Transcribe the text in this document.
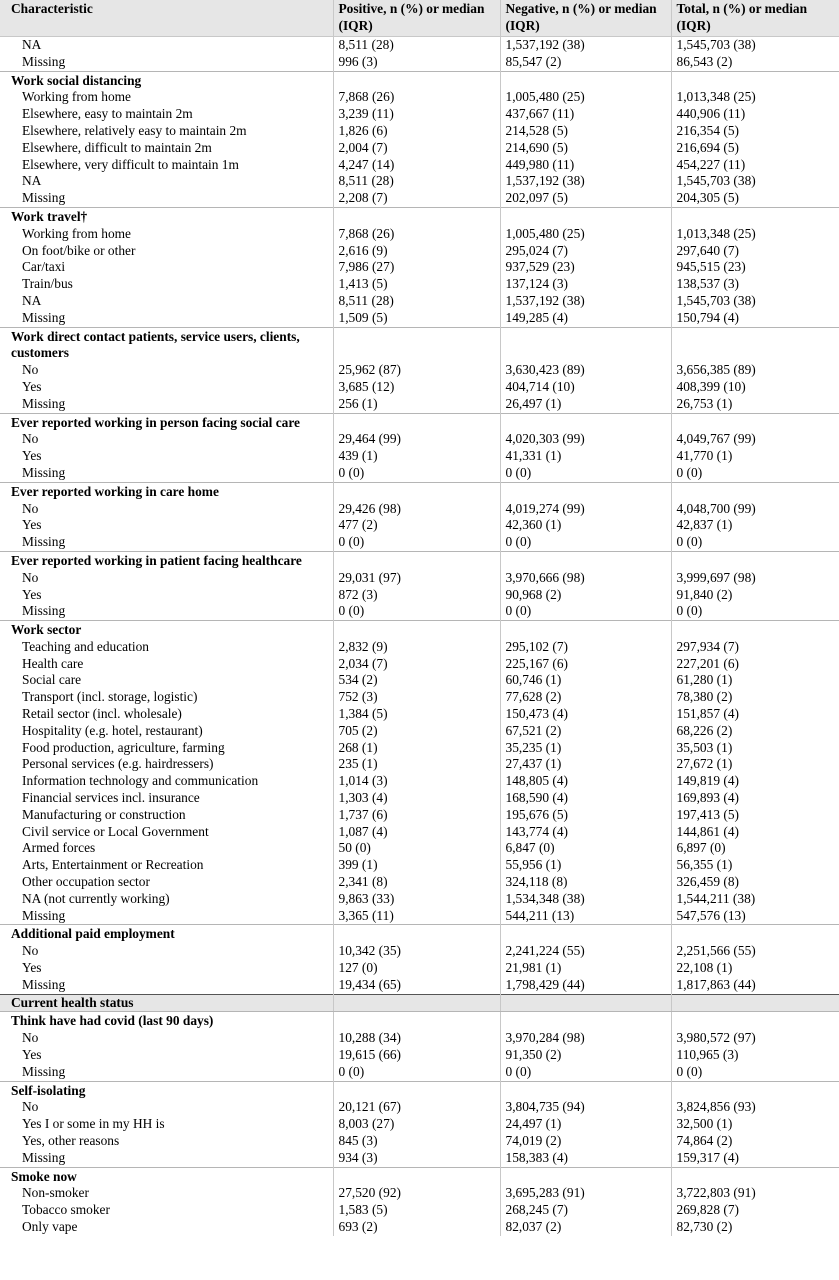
Characteristic	Positive, n (%) or median (IQR)	Negative, n (%) or median (IQR)	Total, n (%) or median (IQR)
NA	8,511 (28)	1,537,192 (38)	1,545,703 (38)
Missing	996 (3)	85,547 (2)	86,543 (2)
Work social distancing			
Working from home	7,868 (26)	1,005,480 (25)	1,013,348 (25)
Elsewhere, easy to maintain 2m	3,239 (11)	437,667 (11)	440,906 (11)
Elsewhere, relatively easy to maintain 2m	1,826 (6)	214,528 (5)	216,354 (5)
Elsewhere, difficult to maintain 2m	2,004 (7)	214,690 (5)	216,694 (5)
Elsewhere, very difficult to maintain 1m	4,247 (14)	449,980 (11)	454,227 (11)
NA	8,511 (28)	1,537,192 (38)	1,545,703 (38)
Missing	2,208 (7)	202,097 (5)	204,305 (5)
Work travel†			
Working from home	7,868 (26)	1,005,480 (25)	1,013,348 (25)
On foot/bike or other	2,616 (9)	295,024 (7)	297,640 (7)
Car/taxi	7,986 (27)	937,529 (23)	945,515 (23)
Train/bus	1,413 (5)	137,124 (3)	138,537 (3)
NA	8,511 (28)	1,537,192 (38)	1,545,703 (38)
Missing	1,509 (5)	149,285 (4)	150,794 (4)
Work direct contact patients, service users, clients, customers			
No	25,962 (87)	3,630,423 (89)	3,656,385 (89)
Yes	3,685 (12)	404,714 (10)	408,399 (10)
Missing	256 (1)	26,497 (1)	26,753 (1)
Ever reported working in person facing social care			
No	29,464 (99)	4,020,303 (99)	4,049,767 (99)
Yes	439 (1)	41,331 (1)	41,770 (1)
Missing	0 (0)	0 (0)	0 (0)
Ever reported working in care home			
No	29,426 (98)	4,019,274 (99)	4,048,700 (99)
Yes	477 (2)	42,360 (1)	42,837 (1)
Missing	0 (0)	0 (0)	0 (0)
Ever reported working in patient facing healthcare			
No	29,031 (97)	3,970,666 (98)	3,999,697 (98)
Yes	872 (3)	90,968 (2)	91,840 (2)
Missing	0 (0)	0 (0)	0 (0)
Work sector			
Teaching and education	2,832 (9)	295,102 (7)	297,934 (7)
Health care	2,034 (7)	225,167 (6)	227,201 (6)
Social care	534 (2)	60,746 (1)	61,280 (1)
Transport (incl. storage, logistic)	752 (3)	77,628 (2)	78,380 (2)
Retail sector (incl. wholesale)	1,384 (5)	150,473 (4)	151,857 (4)
Hospitality (e.g. hotel, restaurant)	705 (2)	67,521 (2)	68,226 (2)
Food production, agriculture, farming	268 (1)	35,235 (1)	35,503 (1)
Personal services (e.g. hairdressers)	235 (1)	27,437 (1)	27,672 (1)
Information technology and communication	1,014 (3)	148,805 (4)	149,819 (4)
Financial services incl. insurance	1,303 (4)	168,590 (4)	169,893 (4)
Manufacturing or construction	1,737 (6)	195,676 (5)	197,413 (5)
Civil service or Local Government	1,087 (4)	143,774 (4)	144,861 (4)
Armed forces	50 (0)	6,847 (0)	6,897 (0)
Arts, Entertainment or Recreation	399 (1)	55,956 (1)	56,355 (1)
Other occupation sector	2,341 (8)	324,118 (8)	326,459 (8)
NA (not currently working)	9,863 (33)	1,534,348 (38)	1,544,211 (38)
Missing	3,365 (11)	544,211 (13)	547,576 (13)
Additional paid employment			
No	10,342 (35)	2,241,224 (55)	2,251,566 (55)
Yes	127 (0)	21,981 (1)	22,108 (1)
Missing	19,434 (65)	1,798,429 (44)	1,817,863 (44)
Current health status			
Think have had covid (last 90 days)			
No	10,288 (34)	3,970,284 (98)	3,980,572 (97)
Yes	19,615 (66)	91,350 (2)	110,965 (3)
Missing	0 (0)	0 (0)	0 (0)
Self-isolating			
No	20,121 (67)	3,804,735 (94)	3,824,856 (93)
Yes I or some in my HH is	8,003 (27)	24,497 (1)	32,500 (1)
Yes, other reasons	845 (3)	74,019 (2)	74,864 (2)
Missing	934 (3)	158,383 (4)	159,317 (4)
Smoke now			
Non-smoker	27,520 (92)	3,695,283 (91)	3,722,803 (91)
Tobacco smoker	1,583 (5)	268,245 (7)	269,828 (7)
Only vape	693 (2)	82,037 (2)	82,730 (2)
